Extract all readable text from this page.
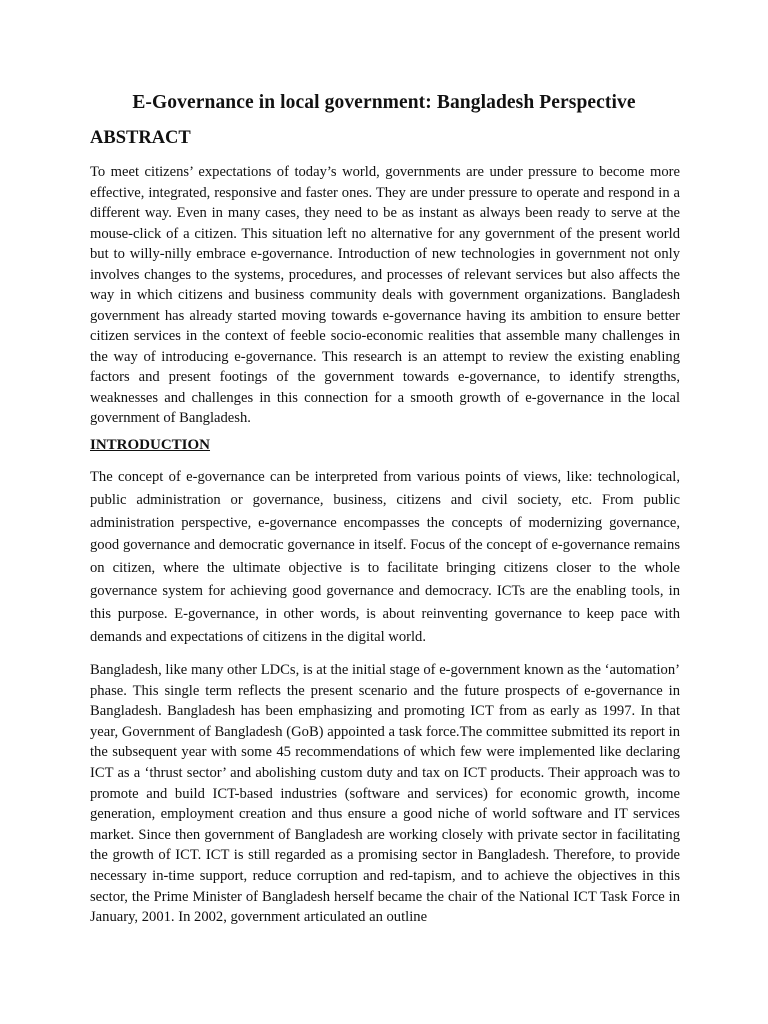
E-Governance in local government: Bangladesh Perspective
ABSTRACT

To meet citizens’ expectations of today’s world, governments are under pressure to become more effective, integrated, responsive and faster ones. They are under pressure to operate and respond in a different way. Even in many cases, they need to be as instant as always been ready to serve at the mouse-click of a citizen. This situation left no alternative for any government of the present world but to willy-nilly embrace e-governance. Introduction of new technologies in government not only involves changes to the systems, procedures, and processes of relevant services but also affects the way in which citizens and business community deals with government organizations. Bangladesh government has already started moving towards e-governance having its ambition to ensure better citizen services in the context of feeble socio-economic realities that assemble many challenges in the way of introducing e-governance. This research is an attempt to review the existing enabling factors and present footings of the government towards e-governance, to identify strengths, weaknesses and challenges in this connection for a smooth growth of e-governance in the local government of Bangladesh.

INTRODUCTION

The concept of e-governance can be interpreted from various points of views, like: technological, public administration or governance, business, citizens and civil society, etc. From public administration perspective, e-governance encompasses the concepts of modernizing governance, good governance and democratic governance in itself. Focus of the concept of e-governance remains on citizen, where the ultimate objective is to facilitate bringing citizens closer to the whole governance system for achieving good governance and democracy. ICTs are the enabling tools, in this purpose. E-governance, in other words, is about reinventing governance to keep pace with demands and expectations of citizens in the digital world.

Bangladesh, like many other LDCs, is at the initial stage of e-government known as the ‘automation’ phase. This single term reflects the present scenario and the future prospects of e-governance in Bangladesh. Bangladesh has been emphasizing and promoting ICT from as early as 1997. In that year, Government of Bangladesh (GoB) appointed a task force.The committee submitted its report in the subsequent year with some 45 recommendations of which few were implemented like declaring ICT as a ‘thrust sector’ and abolishing custom duty and tax on ICT products. Their approach was to promote and build ICT-based industries (software and services) for economic growth, income generation, employment creation and thus ensure a good niche of world software and IT services market. Since then government of Bangladesh are working closely with private sector in facilitating the growth of ICT. ICT is still regarded as a promising sector in Bangladesh. Therefore, to provide necessary in-time support, reduce corruption and red-tapism, and to achieve the objectives in this sector, the Prime Minister of Bangladesh herself became the chair of the National ICT Task Force in January, 2001. In 2002, government articulated an outline
